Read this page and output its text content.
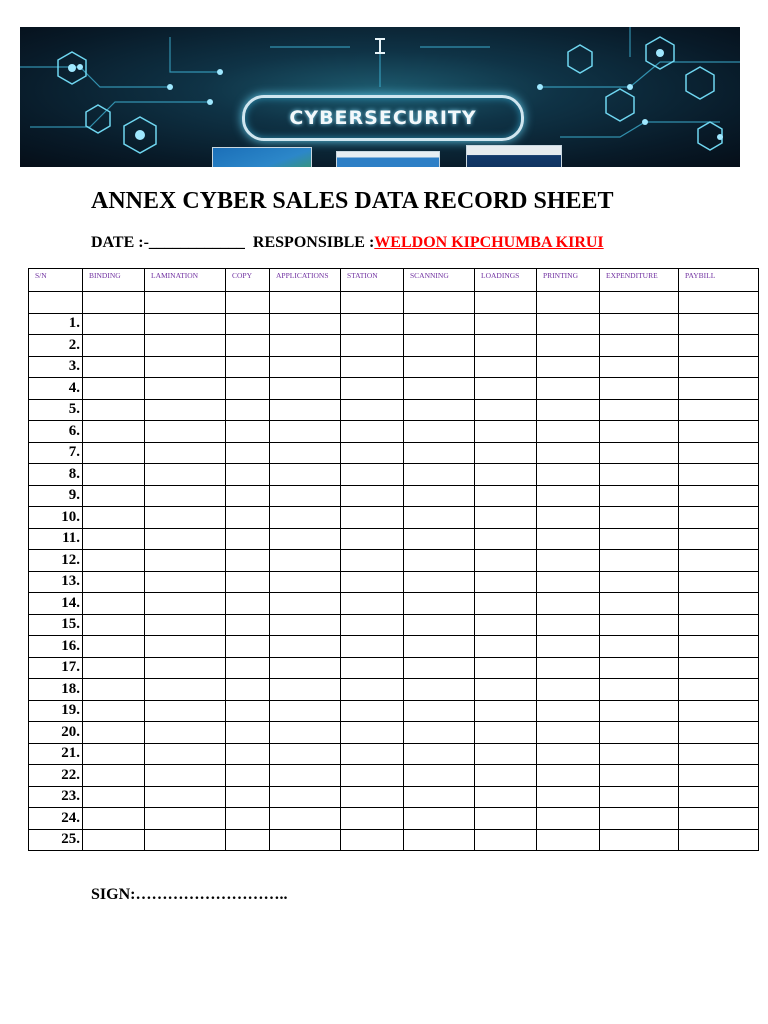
CYBERSECURITY
ANNEX CYBER SALES DATA RECORD SHEET
DATE :-____________ RESPONSIBLE :WELDON KIPCHUMBA KIRUI
S/N	BINDING	LAMINATION	COPY	APPLICATIONS	STATION	SCANNING	LOADINGS	PRINTING	EXPENDITURE	PAYBILL

1.										
2.										
3.										
4.										
5.										
6.										
7.										
8.										
9.										
10.										
11.										
12.										
13.										
14.										
15.										
16.										
17.										
18.										
19.										
20.										
21.										
22.										
23.										
24.										
25.										
SIGN:………………………..
